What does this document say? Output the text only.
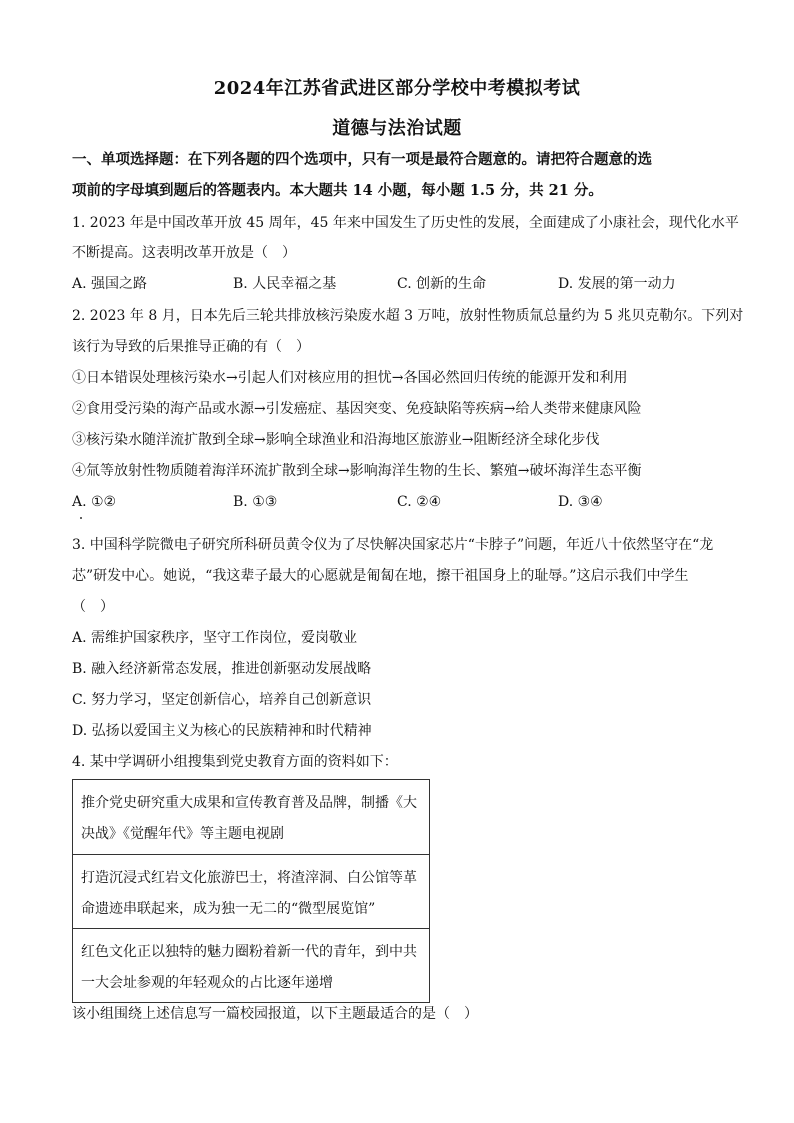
2024年江苏省武进区部分学校中考模拟考试
道德与法治试题
一、单项选择题：在下列各题的四个选项中，只有一项是最符合题意的。请把符合题意的选
项前的字母填到题后的答题表内。本大题共 14 小题，每小题 1.5 分，共 21 分。
1. 2023 年是中国改革开放 45 周年，45 年来中国发生了历史性的发展，全面建成了小康社会，现代化水平
不断提高。这表明改革开放是（　）
A. 强国之路	B. 人民幸福之基	C. 创新的生命	D. 发展的第一动力
2. 2023 年 8 月，日本先后三轮共排放核污染废水超 3 万吨，放射性物质氚总量约为 5 兆贝克勒尔。下列对
该行为导致的后果推导正确的有（　）
①日本错误处理核污染水→引起人们对核应用的担忧→各国必然回归传统的能源开发和利用
②食用受污染的海产品或水源→引发癌症、基因突变、免疫缺陷等疾病→给人类带来健康风险
③核污染水随洋流扩散到全球→影响全球渔业和沿海地区旅游业→阻断经济全球化步伐
④氚等放射性物质随着海洋环流扩散到全球→影响海洋生物的生长、繁殖→破坏海洋生态平衡
A. ①②	B. ①③	C. ②④	D. ③④
3. 中国科学院微电子研究所科研员黄令仪为了尽快解决国家芯片“卡脖子”问题，年近八十依然坚守在“龙
芯”研发中心。她说，“我这辈子最大的心愿就是匍匐在地，擦干祖国身上的耻辱。”这启示我们中学生
（　）
A. 需维护国家秩序，坚守工作岗位，爱岗敬业
B. 融入经济新常态发展，推进创新驱动发展战略
C. 努力学习，坚定创新信心，培养自己创新意识
D. 弘扬以爱国主义为核心的民族精神和时代精神
4. 某中学调研小组搜集到党史教育方面的资料如下：
推介党史研究重大成果和宣传教育普及品牌，制播《大
决战》《觉醒年代》等主题电视剧
打造沉浸式红岩文化旅游巴士，将渣滓洞、白公馆等革
命遗迹串联起来，成为独一无二的“微型展览馆”
红色文化正以独特的魅力圈粉着新一代的青年，到中共
一大会址参观的年轻观众的占比逐年递增
该小组围绕上述信息写一篇校园报道，以下主题最适合的是（　）
